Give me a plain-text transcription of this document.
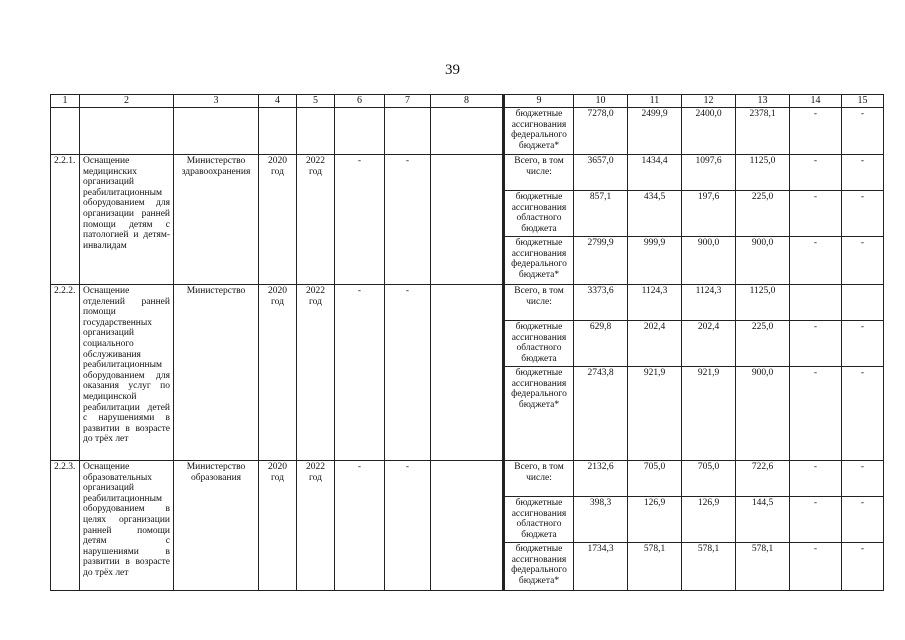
39
1	2	3	4	5	6	7	8	9	10	11	12	13	14	15
								бюджетные ассигнования федерального бюджета*	7278,0	2499,9	2400,0	2378,1	-	-
2.2.1.	Оснащение медицинских организаций реабилитационным оборудованием для организации ранней помощи детям с патологией и детям-инвалидам	Министерство здравоохранения	2020 год	2022 год	-	-		Всего, в том числе:	3657,0	1434,4	1097,6	1125,0	-	-
								бюджетные ассигнования областного бюджета	857,1	434,5	197,6	225,0	-	-
								бюджетные ассигнования федерального бюджета*	2799,9	999,9	900,0	900,0	-	-
2.2.2.	Оснащение отделений ранней помощи государственных организаций социального обслуживания реабилитационным оборудованием для оказания услуг по медицинской реабилитации детей с нарушениями в развитии в возрасте до трёх лет	Министерство	2020 год	2022 год	-	-		Всего, в том числе:	3373,6	1124,3	1124,3	1125,0		
								бюджетные ассигнования областного бюджета	629,8	202,4	202,4	225,0	-	-
								бюджетные ассигнования федерального бюджета*	2743,8	921,9	921,9	900,0	-	-
2.2.3.	Оснащение образовательных организаций реабилитационным оборудованием в целях организации ранней помощи детям с нарушениями в развитии в возрасте до трёх лет	Министерство образования	2020 год	2022 год	-	-		Всего, в том числе:	2132,6	705,0	705,0	722,6	-	-
								бюджетные ассигнования областного бюджета	398,3	126,9	126,9	144,5	-	-
								бюджетные ассигнования федерального бюджета*	1734,3	578,1	578,1	578,1	-	-
